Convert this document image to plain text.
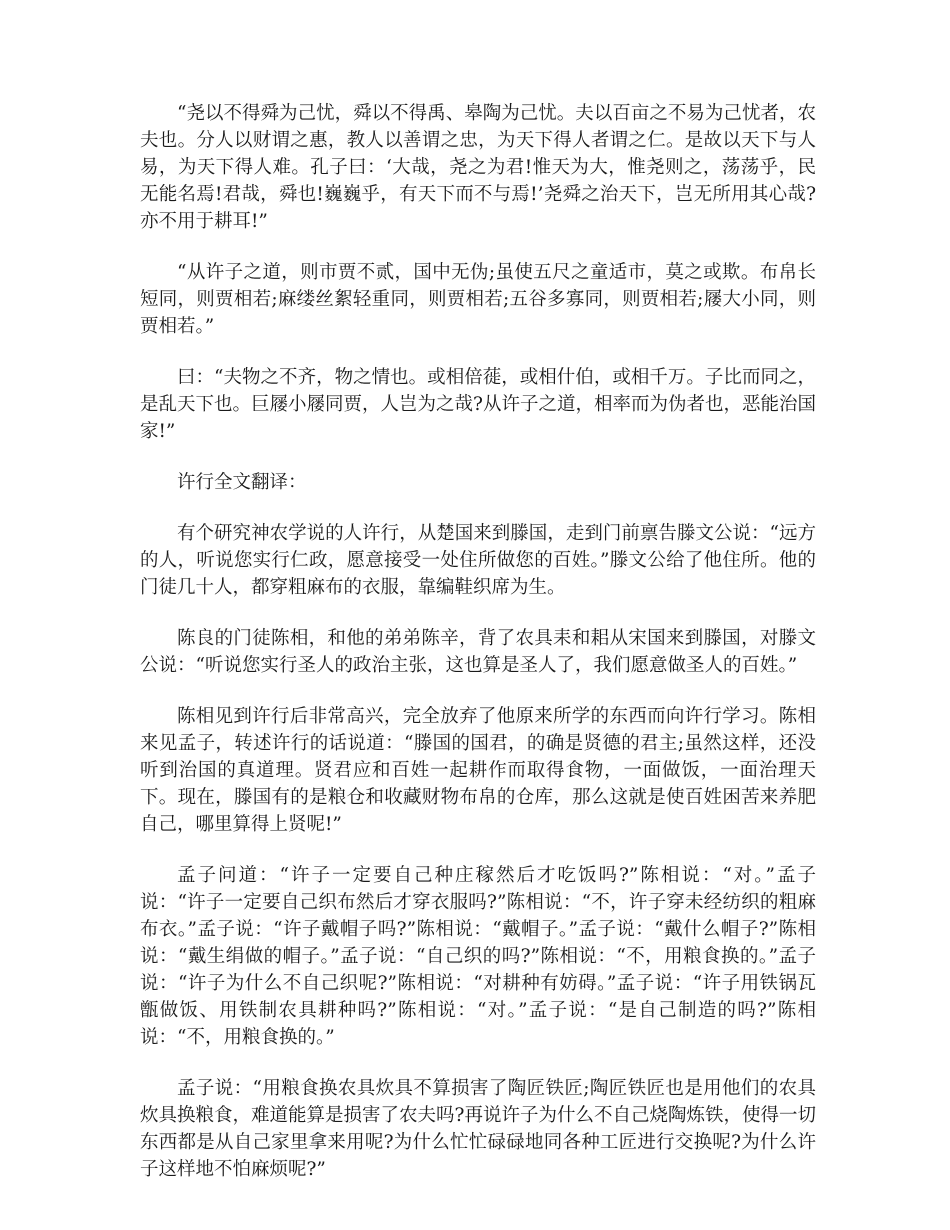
“尧以不得舜为己忧，舜以不得禹、皋陶为己忧。夫以百亩之不易为己忧者，农夫也。分人以财谓之惠，教人以善谓之忠，为天下得人者谓之仁。是故以天下与人易，为天下得人难。孔子曰：‘大哉，尧之为君!惟天为大，惟尧则之，荡荡乎，民无能名焉!君哉，舜也!巍巍乎，有天下而不与焉!’尧舜之治天下，岂无所用其心哉?亦不用于耕耳!”

“从许子之道，则市贾不贰，国中无伪;虽使五尺之童适市，莫之或欺。布帛长短同，则贾相若;麻缕丝絮轻重同，则贾相若;五谷多寡同，则贾相若;屦大小同，则贾相若。”

曰：“夫物之不齐，物之情也。或相倍蓰，或相什伯，或相千万。子比而同之，是乱天下也。巨屦小屦同贾，人岂为之哉?从许子之道，相率而为伪者也，恶能治国家!”

许行全文翻译：

有个研究神农学说的人许行，从楚国来到滕国，走到门前禀告滕文公说：“远方的人，听说您实行仁政，愿意接受一处住所做您的百姓。”滕文公给了他住所。他的门徒几十人，都穿粗麻布的衣服，靠编鞋织席为生。

陈良的门徒陈相，和他的弟弟陈辛，背了农具耒和耜从宋国来到滕国，对滕文公说：“听说您实行圣人的政治主张，这也算是圣人了，我们愿意做圣人的百姓。”

陈相见到许行后非常高兴，完全放弃了他原来所学的东西而向许行学习。陈相来见孟子，转述许行的话说道：“滕国的国君，的确是贤德的君主;虽然这样，还没听到治国的真道理。贤君应和百姓一起耕作而取得食物，一面做饭，一面治理天下。现在，滕国有的是粮仓和收藏财物布帛的仓库，那么这就是使百姓困苦来养肥自己，哪里算得上贤呢!”

孟子问道：“许子一定要自己种庄稼然后才吃饭吗?”陈相说：“对。”孟子说：“许子一定要自己织布然后才穿衣服吗?”陈相说：“不，许子穿未经纺织的粗麻布衣。”孟子说：“许子戴帽子吗?”陈相说：“戴帽子。”孟子说：“戴什么帽子?”陈相说：“戴生绢做的帽子。”孟子说：“自己织的吗?”陈相说：“不，用粮食换的。”孟子说：“许子为什么不自己织呢?”陈相说：“对耕种有妨碍。”孟子说：“许子用铁锅瓦甑做饭、用铁制农具耕种吗?”陈相说：“对。”孟子说：“是自己制造的吗?”陈相说：“不，用粮食换的。”

孟子说：“用粮食换农具炊具不算损害了陶匠铁匠;陶匠铁匠也是用他们的农具炊具换粮食，难道能算是损害了农夫吗?再说许子为什么不自己烧陶炼铁，使得一切东西都是从自己家里拿来用呢?为什么忙忙碌碌地同各种工匠进行交换呢?为什么许子这样地不怕麻烦呢?”
